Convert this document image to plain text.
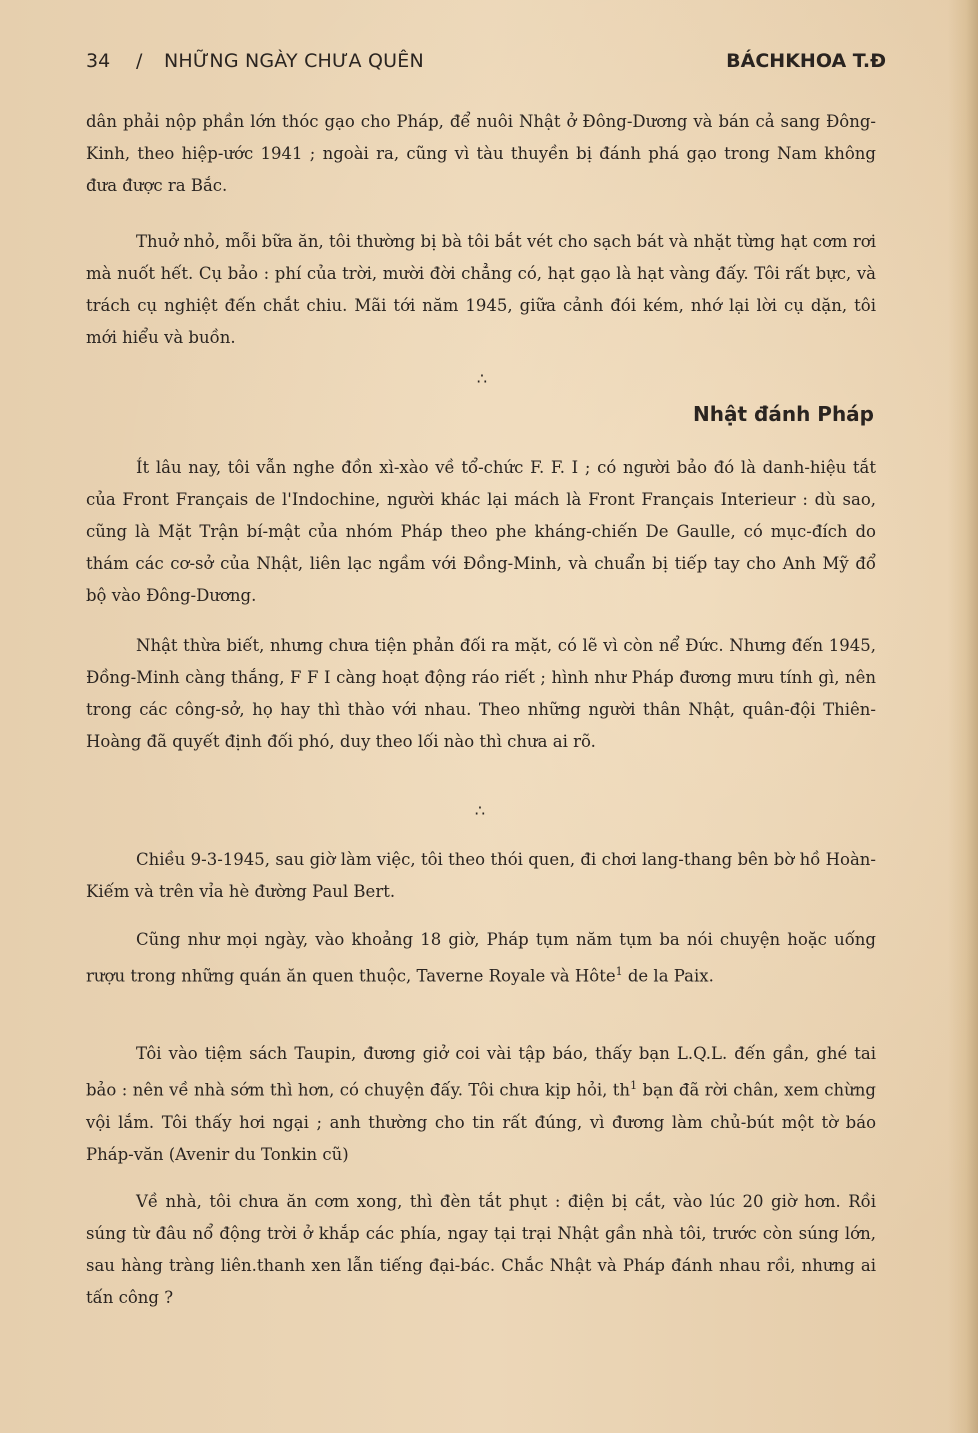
34 / NHỮNG NGÀY CHƯA QUÊN	BÁCHKHOA T.Đ

dân phải nộp phần lớn thóc gạo cho Pháp, để nuôi Nhật ở Đông-Dương và bán cả sang Đông-Kinh, theo hiệp-ước 1941 ; ngoài ra, cũng vì tàu thuyền bị đánh phá gạo trong Nam không đưa được ra Bắc.

Thuở nhỏ, mỗi bữa ăn, tôi thường bị bà tôi bắt vét cho sạch bát và nhặt từng hạt cơm rơi mà nuốt hết. Cụ bảo : phí của trời, mười đời chẳng có, hạt gạo là hạt vàng đấy. Tôi rất bực, và trách cụ nghiệt đến chắt chiu. Mãi tới năm 1945, giữa cảnh đói kém, nhớ lại lời cụ dặn, tôi mới hiểu và buồn.

∴
Nhật đánh Pháp

Ít lâu nay, tôi vẫn nghe đồn xì-xào về tổ-chức F. F. I ; có người bảo đó là danh-hiệu tắt của Front Français de l'Indochine, người khác lại mách là Front Français Interieur : dù sao, cũng là Mặt Trận bí-mật của nhóm Pháp theo phe kháng-chiến De Gaulle, có mục-đích do thám các cơ-sở của Nhật, liên lạc ngầm với Đồng-Minh, và chuẩn bị tiếp tay cho Anh Mỹ đổ bộ vào Đông-Dương.

Nhật thừa biết, nhưng chưa tiện phản đối ra mặt, có lẽ vì còn nể Đức. Nhưng đến 1945, Đồng-Minh càng thắng, F F I càng hoạt động ráo riết ; hình như Pháp đương mưu tính gì, nên trong các công-sở, họ hay thì thào với nhau. Theo những người thân Nhật, quân-đội Thiên-Hoàng đã quyết định đối phó, duy theo lối nào thì chưa ai rõ.

∴

Chiều 9-3-1945, sau giờ làm việc, tôi theo thói quen, đi chơi lang-thang bên bờ hồ Hoàn-Kiếm và trên vỉa hè đường Paul Bert.

Cũng như mọi ngày, vào khoảng 18 giờ, Pháp tụm năm tụm ba nói chuyện hoặc uống rượu trong những quán ăn quen thuộc, Taverne Royale và Hôte$^1$ de la Paix.

Tôi vào tiệm sách Taupin, đương giở coi vài tập báo, thấy bạn L.Q.L. đến gần, ghé tai bảo : nên về nhà sớm thì hơn, có chuyện đấy. Tôi chưa kịp hỏi, $th^1$ bạn đã rời chân, xem chừng vội lắm. Tôi thấy hơi ngại ; anh thường cho tin rất đúng, vì đương làm chủ-bút một tờ báo Pháp-văn (Avenir du Tonkin cũ)

Về nhà, tôi chưa ăn cơm xong, thì đèn tắt phụt : điện bị cắt, vào lúc 20 giờ hơn. Rồi súng từ đâu nổ động trời ở khắp các phía, ngay tại trại Nhật gần nhà tôi, trước còn súng lớn, sau hàng tràng liên.thanh xen lẫn tiếng đại-bác. Chắc Nhật và Pháp đánh nhau rồi, nhưng ai tấn công ?
